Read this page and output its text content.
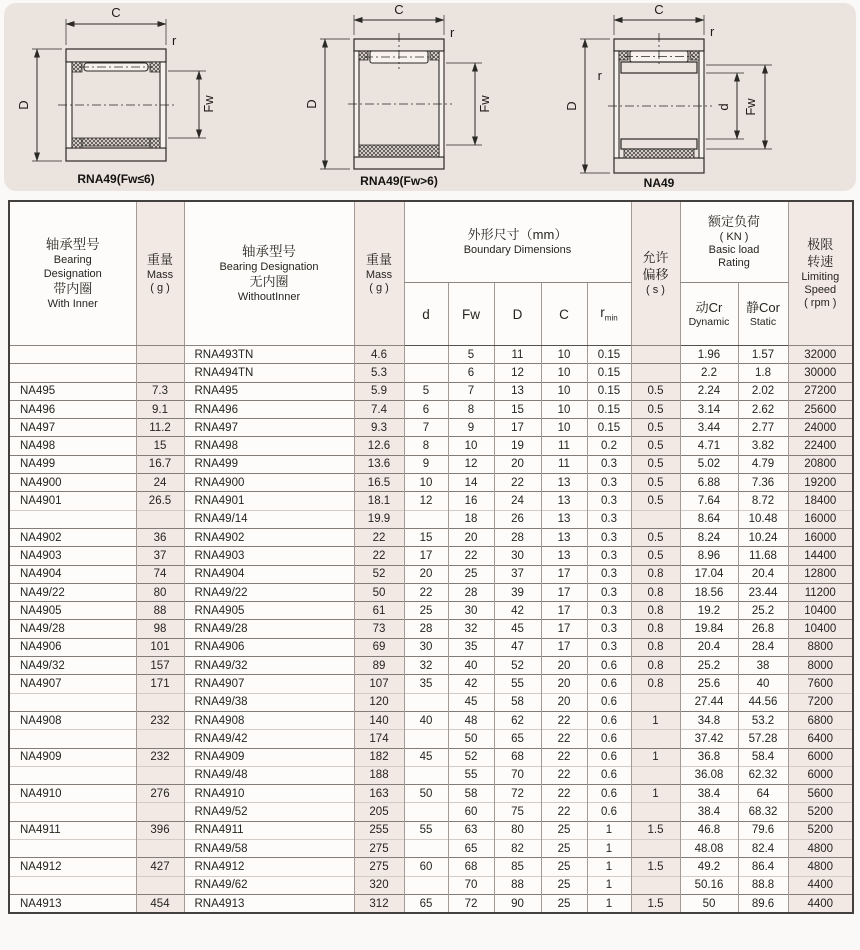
C
r
D	Fw
RNA49(Fw≤6)
C
r
D	Fw
RNA49(Fw>6)
C
r
r
D	d Fw
NA49
轴承型号
Bearing
Designation
带内圈
With Inner

重量
Mass
( g )

轴承型号
Bearing Designation
无内圈
WithoutInner

重量
Mass
( g )

外形尺寸（mm）
Boundary Dimensions

允许
偏移
( s )

额定负荷
( KN )
Basic load
Rating

极限
转速
Limiting
Speed
( rpm )

d	Fw	D	C	$r_{min}$	
动Cr
Dynamic

静Cor
Static

		RNA493TN	4.6		5	11	10	0.15		1.96	1.57	32000
		RNA494TN	5.3		6	12	10	0.15		2.2	1.8	30000
NA495	7.3	RNA495	5.9	5	7	13	10	0.15	0.5	2.24	2.02	27200
NA496	9.1	RNA496	7.4	6	8	15	10	0.15	0.5	3.14	2.62	25600
NA497	11.2	RNA497	9.3	7	9	17	10	0.15	0.5	3.44	2.77	24000
NA498	15	RNA498	12.6	8	10	19	11	0.2	0.5	4.71	3.82	22400
NA499	16.7	RNA499	13.6	9	12	20	11	0.3	0.5	5.02	4.79	20800
NA4900	24	RNA4900	16.5	10	14	22	13	0.3	0.5	6.88	7.36	19200
NA4901	26.5	RNA4901	18.1	12	16	24	13	0.3	0.5	7.64	8.72	18400
		RNA49/14	19.9		18	26	13	0.3		8.64	10.48	16000
NA4902	36	RNA4902	22	15	20	28	13	0.3	0.5	8.24	10.24	16000
NA4903	37	RNA4903	22	17	22	30	13	0.3	0.5	8.96	11.68	14400
NA4904	74	RNA4904	52	20	25	37	17	0.3	0.8	17.04	20.4	12800
NA49/22	80	RNA49/22	50	22	28	39	17	0.3	0.8	18.56	23.44	11200
NA4905	88	RNA4905	61	25	30	42	17	0.3	0.8	19.2	25.2	10400
NA49/28	98	RNA49/28	73	28	32	45	17	0.3	0.8	19.84	26.8	10400
NA4906	101	RNA4906	69	30	35	47	17	0.3	0.8	20.4	28.4	8800
NA49/32	157	RNA49/32	89	32	40	52	20	0.6	0.8	25.2	38	8000
NA4907	171	RNA4907	107	35	42	55	20	0.6	0.8	25.6	40	7600
		RNA49/38	120		45	58	20	0.6		27.44	44.56	7200
NA4908	232	RNA4908	140	40	48	62	22	0.6	1	34.8	53.2	6800
		RNA49/42	174		50	65	22	0.6		37.42	57.28	6400
NA4909	232	RNA4909	182	45	52	68	22	0.6	1	36.8	58.4	6000
		RNA49/48	188		55	70	22	0.6		36.08	62.32	6000
NA4910	276	RNA4910	163	50	58	72	22	0.6	1	38.4	64	5600
		RNA49/52	205		60	75	22	0.6		38.4	68.32	5200
NA4911	396	RNA4911	255	55	63	80	25	1	1.5	46.8	79.6	5200
		RNA49/58	275		65	82	25	1		48.08	82.4	4800
NA4912	427	RNA4912	275	60	68	85	25	1	1.5	49.2	86.4	4800
		RNA49/62	320		70	88	25	1		50.16	88.8	4400
NA4913	454	RNA4913	312	65	72	90	25	1	1.5	50	89.6	4400
